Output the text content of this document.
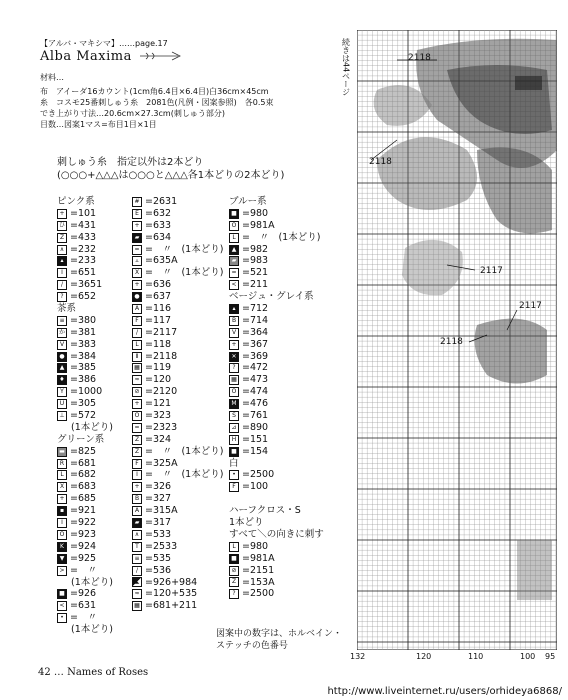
【アルバ・マキシマ】……page.17
Alba Maxima
材料…
布　アイーダ16カウント(1cm角6.4目×6.4目)白36cm×45cm
糸　コスモ25番刺しゅう糸　2081色(凡例・図案参照)　各0.5束
でき上がり寸法…20.6cm×27.3cm(刺しゅう部分)
目数…図案1マス=布目1目×1目
刺しゅう糸　指定以外は2本どり
(○○○+△△△は○○○と△△△各1本どりの2本どり)
ピンク系
+ =101
ひ =431
Z =433
∧ =232
▴ =233
I =651
/ =3651
? =652
茶系
≡ =380
か =381
V =383
● =384
▲ =385
♦ =386
Y =1000
U =305
⊥ =572
(1本どり)
グリーン系
▬ =825
R =681
L =682
X =683
+ =685
▪ =921
I =922
O =923
K =924
▼ =925
> =　〃
(1本どり)
■ =926
< =631
• =　〃
(1本どり)
# =2631
E =632
+ =633
▰ =634
= =　〃　(1本どり)
▵ =635A
X =　〃　(1本どり)
+ =636
● =637
A =116
F =117
/ =2117
L =118
Ⅱ =2118
▦ =119
≈ =120
⊘ =2120
+ =121
O =323
= =2323
Z =324
Z =　〃　(1本どり)
F =325A
I =　〃　(1本どり)
+ =326
B =327
A =315A
▰ =317
∧ =533
T =2533
≡ =535
/ =536
◣ =926+984
≈ =120+535
▦ =681+211
ブルー系
■ =980
O =981A
L =　〃　(1本どり)
▲ =982
▰ =983
= =521
< =211
ベージュ・グレイ系
▴ =712
B =714
V =364
+ =367
✕ =369
? =472
▦ =473
O =474
M =476
S =761
⊿ =890
H =151
■ =154
白
• =2500
F =100
ハーフクロス・S
1本どり
すべて＼の向きに刺す
L =980
■ =981A
⊘ =2151
Z =153A
? =2500
図案中の数字は、ホルベイン・
ステッチの色番号
続きは44ページ
132	120	110	100 95
2118
2118
2117
2117
2118
42 … Names of Roses
http://www.liveinternet.ru/users/orhideya6868/
